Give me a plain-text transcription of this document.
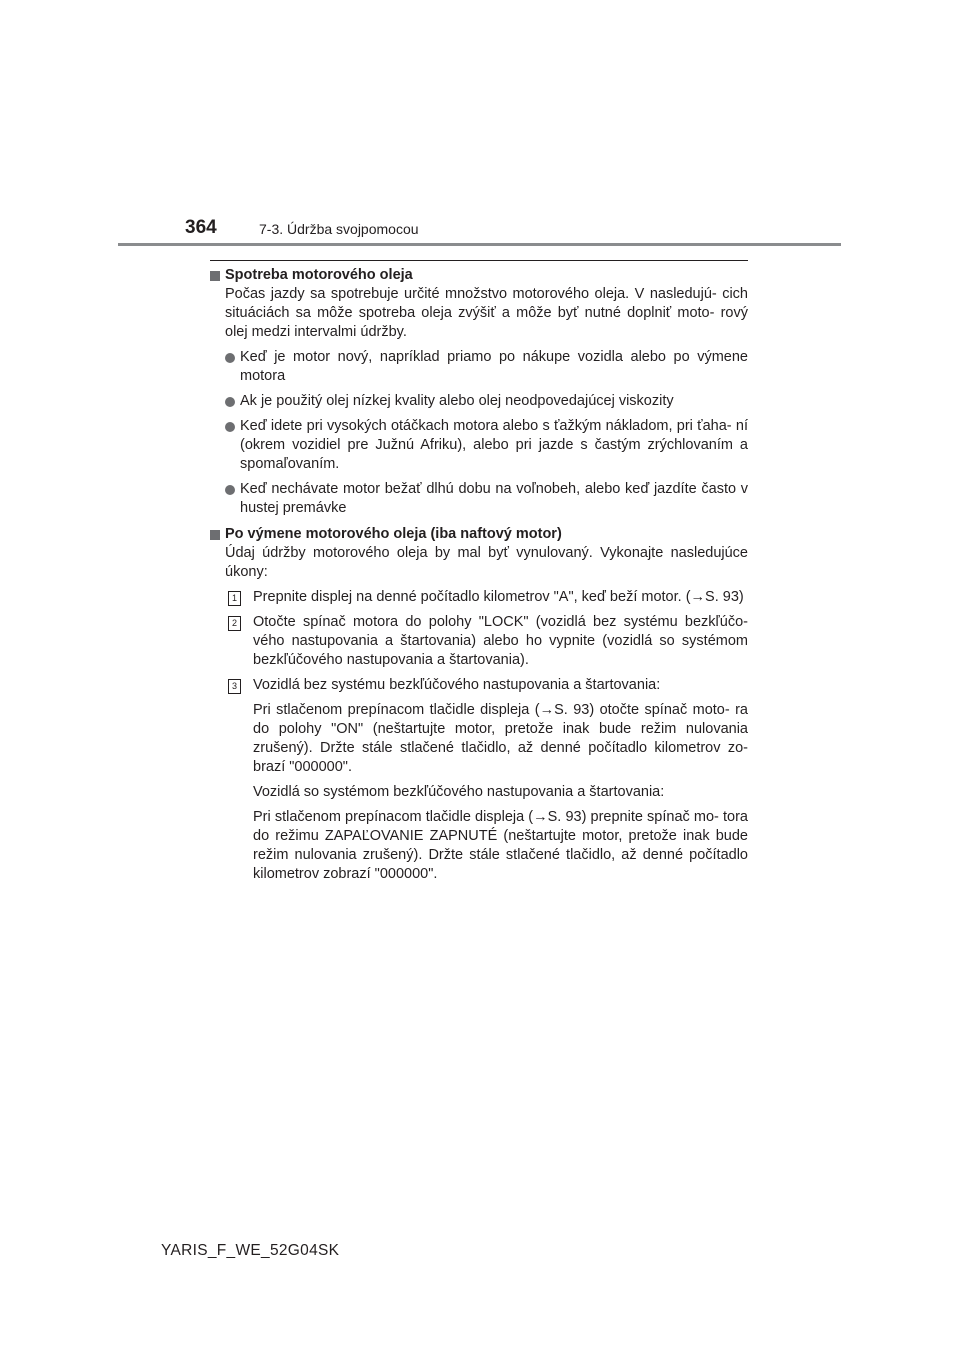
364	7-3. Údržba svojpomocou
Spotreba motorového oleja
Počas jazdy sa spotrebuje určité množstvo motorového oleja. V nasledujú- cich situáciách sa môže spotreba oleja zvýšiť a môže byť nutné doplniť moto- rový olej medzi intervalmi údržby.
Keď je motor nový, napríklad priamo po nákupe vozidla alebo po výmene motora
Ak je použitý olej nízkej kvality alebo olej neodpovedajúcej viskozity
Keď idete pri vysokých otáčkach motora alebo s ťažkým nákladom, pri ťaha- ní (okrem vozidiel pre Južnú Afriku), alebo pri jazde s častým zrýchlovaním a spomaľovaním.
Keď nechávate motor bežať dlhú dobu na voľnobeh, alebo keď jazdíte často v hustej premávke
Po výmene motorového oleja (iba naftový motor)
Údaj údržby motorového oleja by mal byť vynulovaný. Vykonajte nasledujúce úkony:
1 Prepnite displej na denné počítadlo kilometrov "A", keď beží motor. (→S. 93)
2 Otočte spínač motora do polohy "LOCK" (vozidlá bez systému bezkľúčo- vého nastupovania a štartovania) alebo ho vypnite (vozidlá so systémom bezkľúčového nastupovania a štartovania).
3 Vozidlá bez systému bezkľúčového nastupovania a štartovania:
Pri stlačenom prepínacom tlačidle displeja (→S. 93) otočte spínač moto- ra do polohy "ON" (neštartujte motor, pretože inak bude režim nulovania zrušený). Držte stále stlačené tlačidlo, až denné počítadlo kilometrov zo- brazí "000000".
Vozidlá so systémom bezkľúčového nastupovania a štartovania:
Pri stlačenom prepínacom tlačidle displeja (→S. 93) prepnite spínač mo- tora do režimu ZAPAĽOVANIE ZAPNUTÉ (neštartujte motor, pretože inak bude režim nulovania zrušený). Držte stále stlačené tlačidlo, až denné počítadlo kilometrov zobrazí "000000".
YARIS_F_WE_52G04SK
